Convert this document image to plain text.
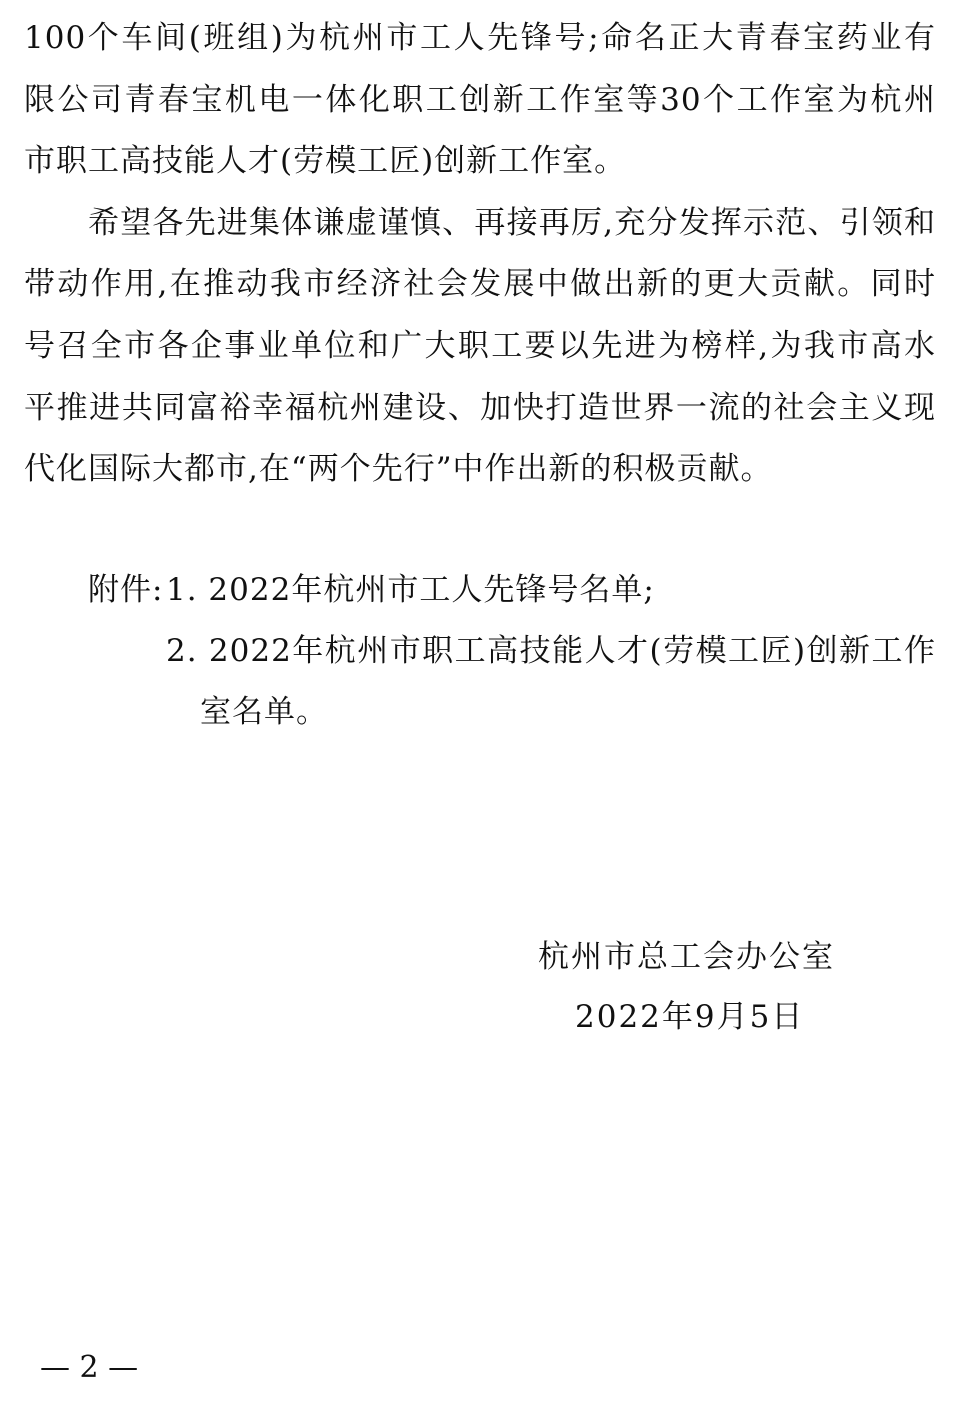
100个车间(班组)为杭州市工人先锋号;命名正大青春宝药业有
限公司青春宝机电一体化职工创新工作室等30个工作室为杭州
市职工高技能人才(劳模工匠)创新工作室。
希望各先进集体谦虚谨慎、再接再厉,充分发挥示范、引领和
带动作用,在推动我市经济社会发展中做出新的更大贡献。同时
号召全市各企事业单位和广大职工要以先进为榜样,为我市高水
平推进共同富裕幸福杭州建设、加快打造世界一流的社会主义现
代化国际大都市,在“两个先行”中作出新的积极贡献。
附件: 1. 2022年杭州市工人先锋号名单;
2. 2022年杭州市职工高技能人才(劳模工匠)创新工作
室名单。
杭州市总工会办公室
2022年9月5日
— 2 —
